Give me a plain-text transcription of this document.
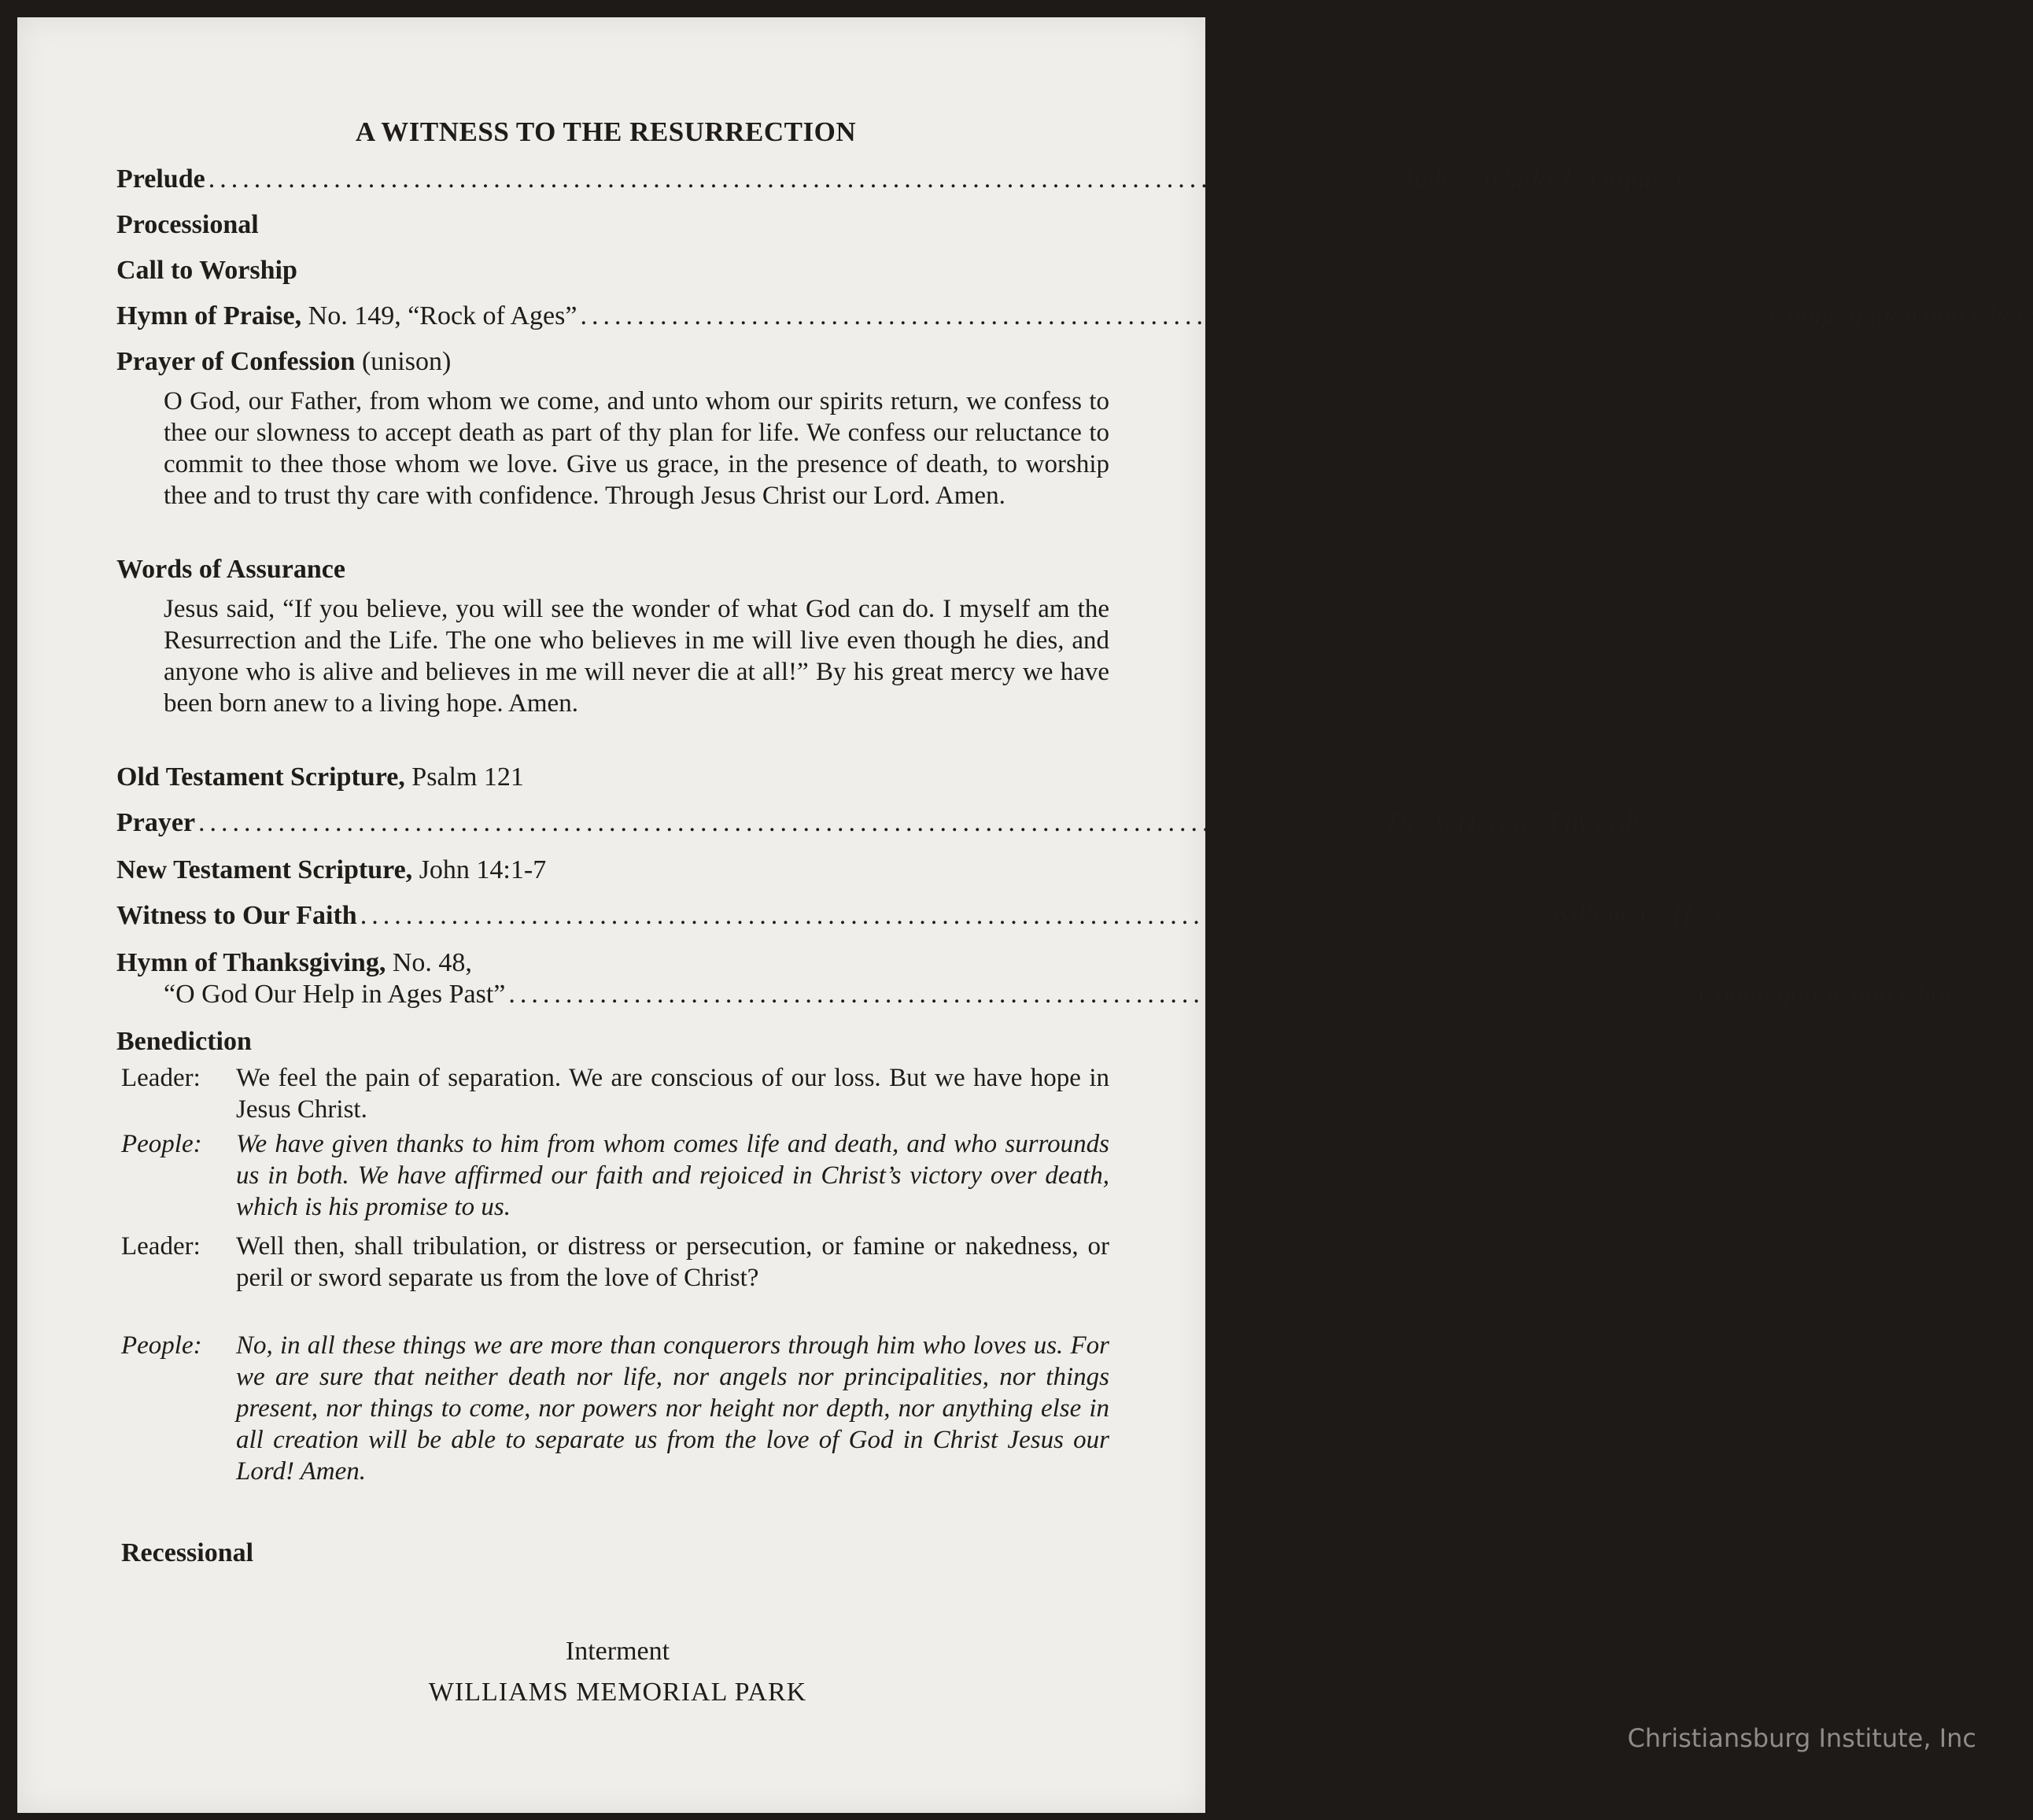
A WITNESS TO THE RESURRECTION
Prelude ........................................................................................................ Audrey Whitlock, Organist
Processional
Call to Worship
Hymn of Praise, No. 149, “Rock of Ages” ........................................................................................................ Congregation and Choir
Prayer of Confession (unison)
O God, our Father, from whom we come, and unto whom our spirits return, we confess to thee our slowness to accept death as part of thy plan for life. We confess our reluctance to commit to thee those whom we love. Give us grace, in the presence of death, to worship thee and to trust thy care with confidence. Through Jesus Christ our Lord. Amen.
Words of Assurance
Jesus said, “If you believe, you will see the wonder of what God can do. I myself am the Resurrection and the Life. The one who believes in me will live even though he dies, and anyone who is alive and believes in me will never die at all!” By his great mercy we have been born anew to a living hope. Amen.
Old Testament Scripture, Psalm 121
Prayer ........................................................................................................ Dr. A. Horatio Edwards
New Testament Scripture, John 14:1-7
Witness to Our Faith ........................................................................................................ William G. Heck
Hymn of Thanksgiving, No. 48,
“O God Our Help in Ages Past” ........................................................................................................ Congregation and Choir
Benediction
Leader:	We feel the pain of separation. We are conscious of our loss. But we have hope in Jesus Christ.
People:	We have given thanks to him from whom comes life and death, and who surrounds us in both. We have affirmed our faith and rejoiced in Christ’s victory over death, which is his promise to us.
Leader:	Well then, shall tribulation, or distress or persecution, or famine or nakedness, or peril or sword separate us from the love of Christ?
People:	No, in all these things we are more than conquerors through him who loves us. For we are sure that neither death nor life, nor angels nor principalities, nor things present, nor things to come, nor powers nor height nor depth, nor anything else in all creation will be able to separate us from the love of God in Christ Jesus our Lord! Amen.
Recessional
Interment
WILLIAMS MEMORIAL PARK
Christiansburg Institute, Inc
